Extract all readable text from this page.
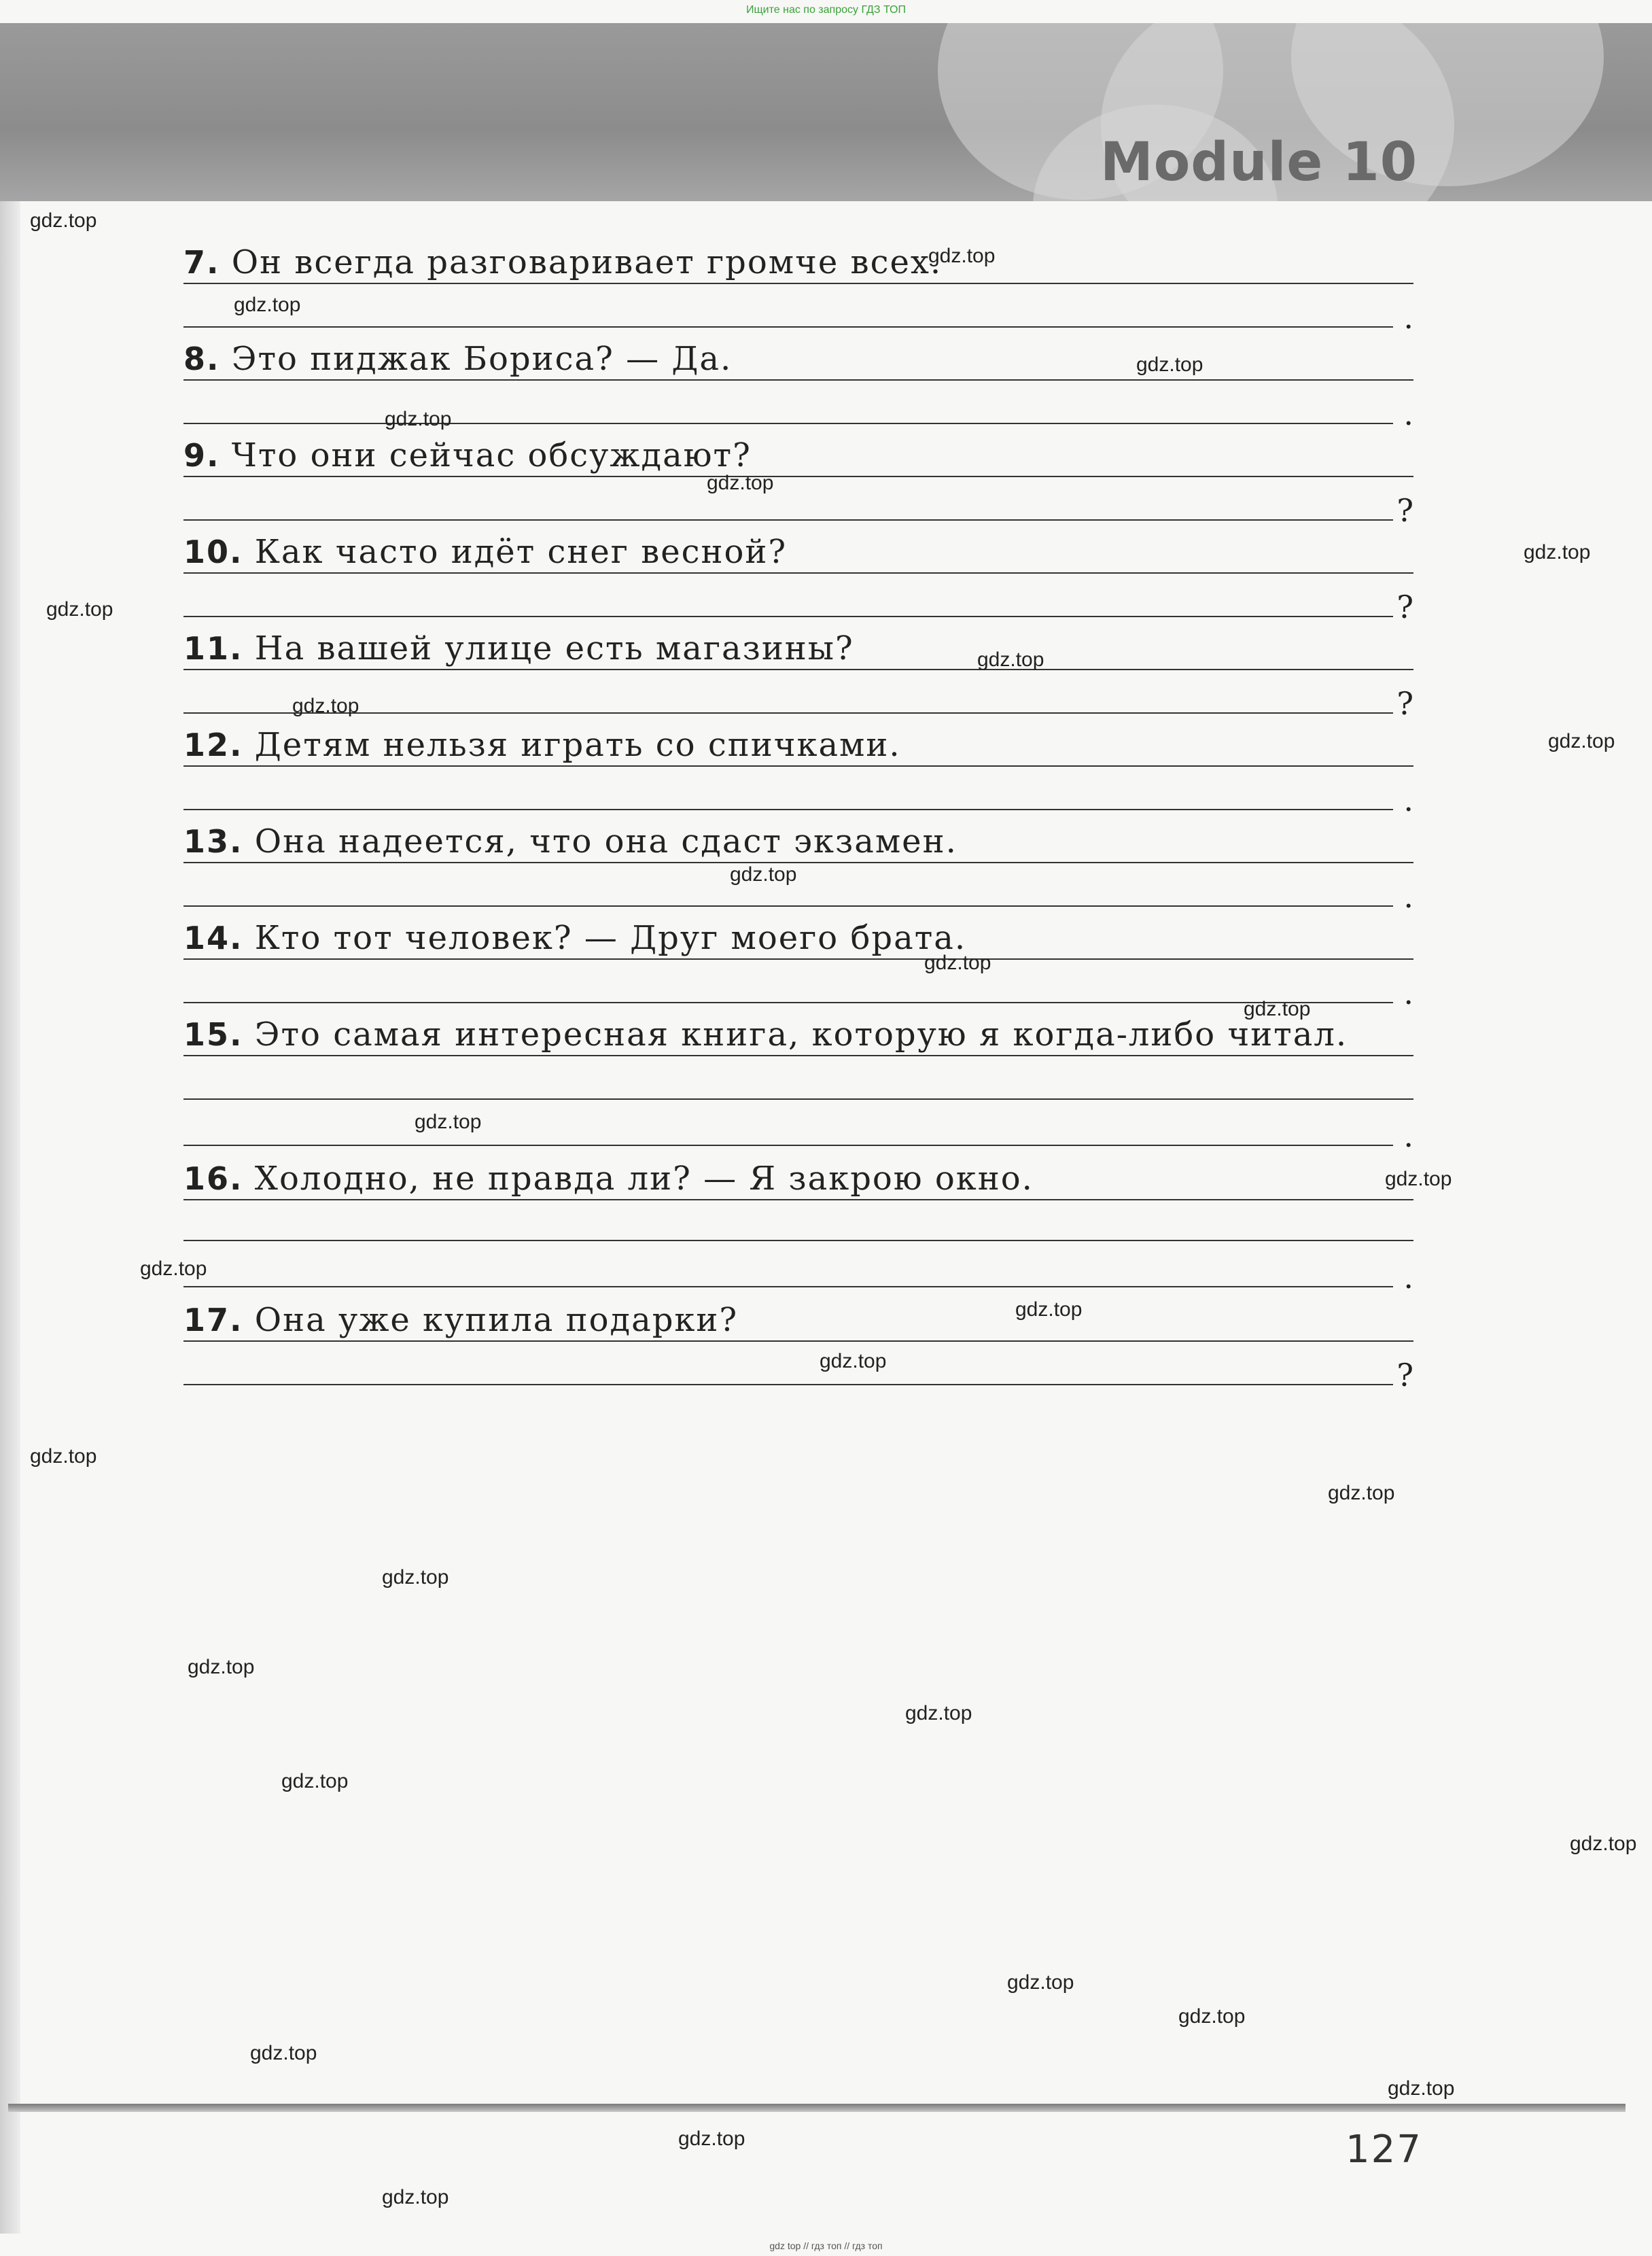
Ищите нас по запросу ГДЗ ТОП
Module 10
7. Он всегда разговаривает громче всех.
.
8. Это пиджак Бориса? — Да.
.
9. Что они сейчас обсуждают?
?
10. Как часто идёт снег весной?
?
11. На вашей улице есть магазины?
?
12. Детям нельзя играть со спичками.
.
13. Она надеется, что она сдаст экзамен.
.
14. Кто тот человек? — Друг моего брата.
.
15. Это самая интересная книга, которую я когда-либо читал.
.
16. Холодно, не правда ли? — Я закрою окно.
.
17. Она уже купила подарки?
?
gdz.top
gdz.top
gdz.top
gdz.top
gdz.top
gdz.top
gdz.top
gdz.top
gdz.top
gdz.top
gdz.top
gdz.top
gdz.top
gdz.top
gdz.top
gdz.top
gdz.top
gdz.top
gdz.top
gdz.top
gdz.top
gdz.top
gdz.top
gdz.top
gdz.top
gdz.top
gdz.top
gdz.top
gdz.top
gdz.top
gdz.top
gdz.top
127
gdz top // гдз топ // гдз топ
